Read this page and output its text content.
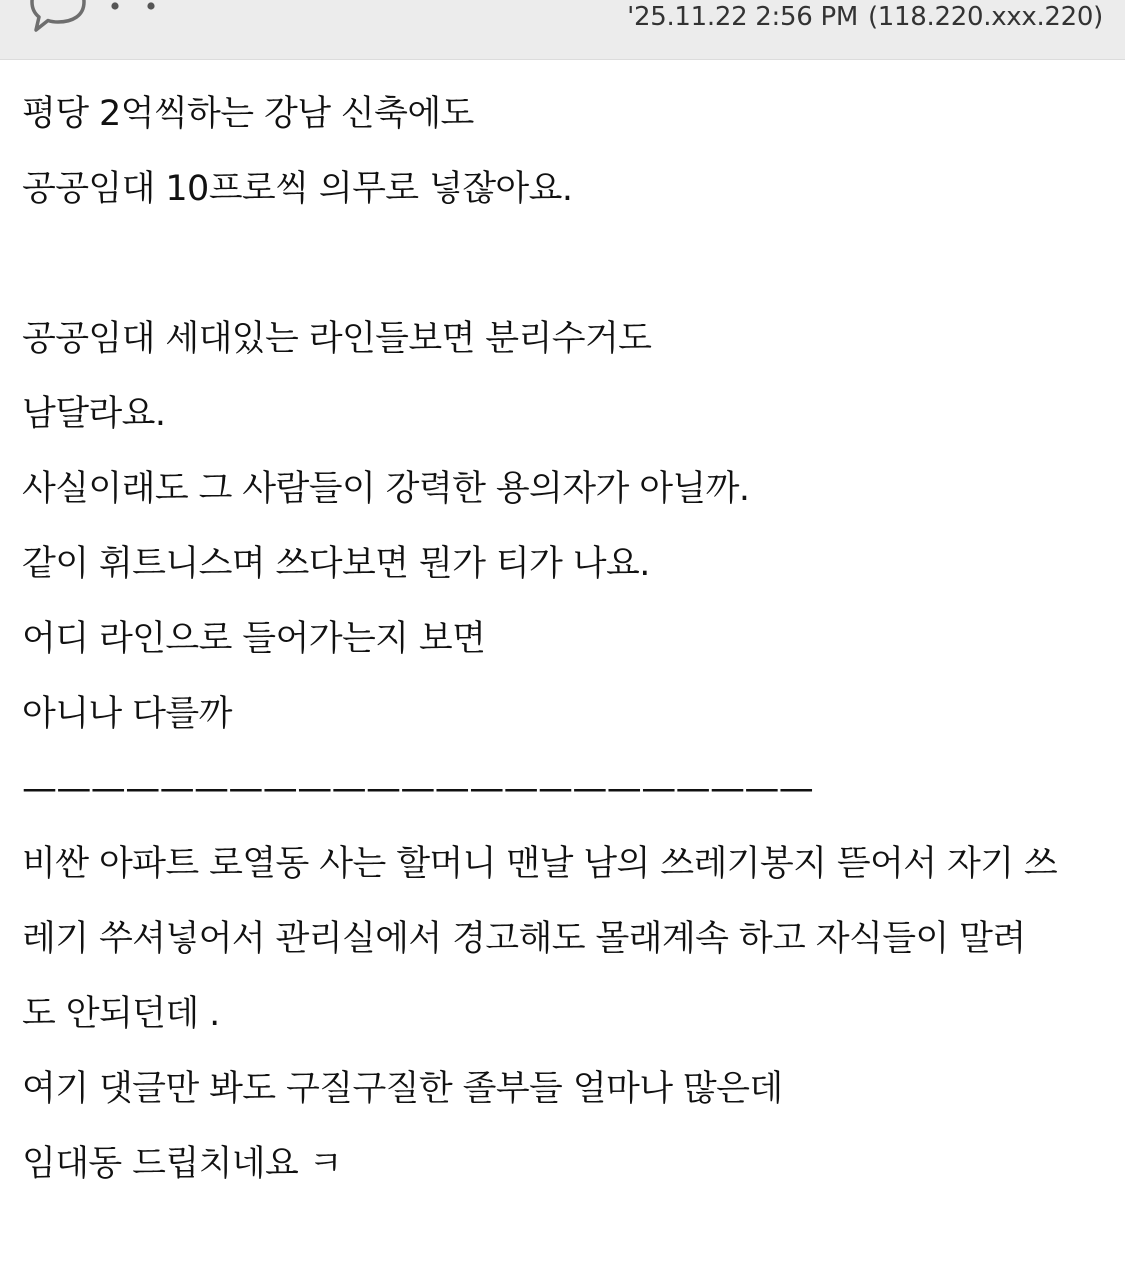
'25.11.22 2:56 PM (118.220.xxx.220)
평당 2억씩하는 강남 신축에도
공공임대 10프로씩 의무로 넣잖아요.
공공임대 세대있는 라인들보면 분리수거도
남달라요.
사실이래도 그 사람들이 강력한 용의자가 아닐까.
같이 휘트니스며 쓰다보면 뭔가 티가 나요.
어디 라인으로 들어가는지 보면
아니나 다를까
———————————————————————
비싼 아파트 로열동 사는 할머니 맨날 남의 쓰레기봉지 뜯어서 자기 쓰
레기 쑤셔넣어서 관리실에서 경고해도 몰래계속 하고 자식들이 말려
도 안되던데 .
여기 댓글만 봐도 구질구질한 졸부들 얼마나 많은데
임대동 드립치네요 ㅋ
